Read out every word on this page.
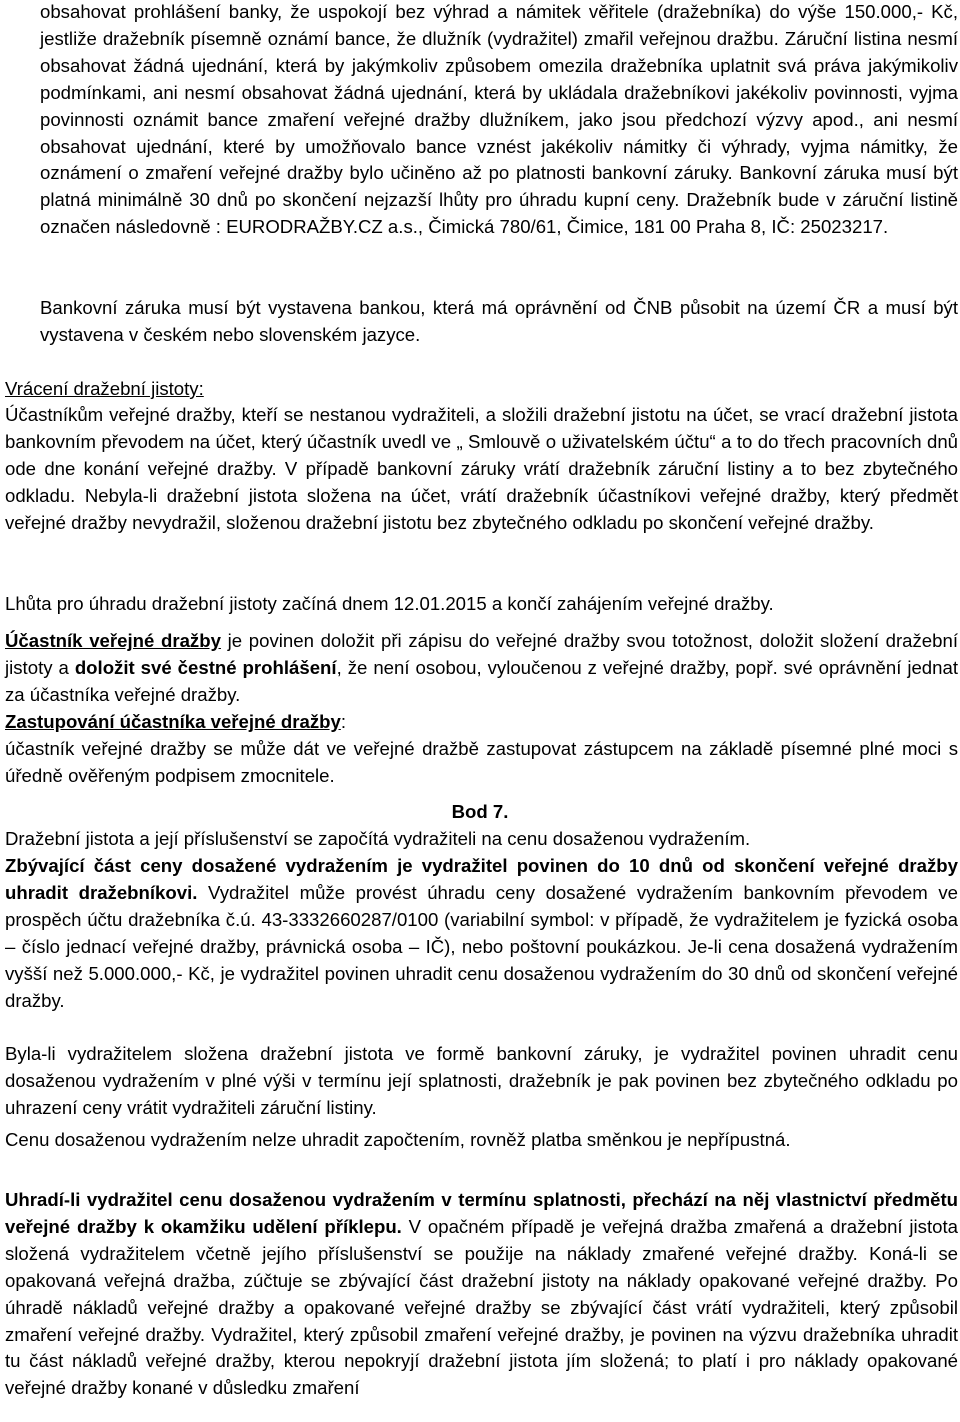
obsahovat prohlášení banky, že uspokojí bez výhrad a námitek věřitele (dražebníka) do výše 150.000,- Kč, jestliže dražebník písemně oznámí bance, že dlužník (vydražitel) zmařil veřejnou dražbu. Záruční listina nesmí obsahovat žádná ujednání, která by jakýmkoliv způsobem omezila dražebníka uplatnit svá práva jakýmikoliv podmínkami, ani nesmí obsahovat žádná ujednání, která by ukládala dražebníkovi jakékoliv povinnosti, vyjma povinnosti oznámit bance zmaření veřejné dražby dlužníkem, jako jsou předchozí výzvy apod., ani nesmí obsahovat ujednání, které by umožňovalo bance vznést jakékoliv námitky či výhrady, vyjma námitky, že oznámení o zmaření veřejné dražby bylo učiněno až po platnosti bankovní záruky. Bankovní záruka musí být platná minimálně 30 dnů po skončení nejzazší lhůty pro úhradu kupní ceny. Dražebník bude v záruční listině označen následovně : EURODRAŽBY.CZ a.s., Čimická 780/61, Čimice, 181 00 Praha 8, IČ: 25023217.

Bankovní záruka musí být vystavena bankou, která má oprávnění od ČNB působit na území ČR a musí být vystavena v českém nebo slovenském jazyce.

Vrácení dražební jistoty:

Účastníkům veřejné dražby, kteří se nestanou vydražiteli, a složili dražební jistotu na účet, se vrací dražební jistota bankovním převodem na účet, který účastník uvedl ve „ Smlouvě o uživatelském účtu“ a to do třech pracovních dnů ode dne konání veřejné dražby. V případě bankovní záruky vrátí dražebník záruční listiny a to bez zbytečného odkladu. Nebyla-li dražební jistota složena na účet, vrátí dražebník účastníkovi veřejné dražby, který předmět veřejné dražby nevydražil, složenou dražební jistotu bez zbytečného odkladu po skončení veřejné dražby.

Lhůta pro úhradu dražební jistoty začíná dnem 12.01.2015 a končí zahájením veřejné dražby.

Účastník veřejné dražby je povinen doložit při zápisu do veřejné dražby svou totožnost, doložit složení dražební jistoty a doložit své čestné prohlášení, že není osobou, vyloučenou z veřejné dražby, popř. své oprávnění jednat za účastníka veřejné dražby.

Zastupování účastníka veřejné dražby:

účastník veřejné dražby se může dát ve veřejné dražbě zastupovat zástupcem na základě písemné plné moci s úředně ověřeným podpisem zmocnitele.

Bod 7.

Dražební jistota a její příslušenství se započítá vydražiteli na cenu dosaženou vydražením.

Zbývající část ceny dosažené vydražením je vydražitel povinen do 10 dnů od skončení veřejné dražby uhradit dražebníkovi. Vydražitel může provést úhradu ceny dosažené vydražením bankovním převodem ve prospěch účtu dražebníka č.ú. 43-3332660287/0100 (variabilní symbol: v případě, že vydražitelem je fyzická osoba – číslo jednací veřejné dražby, právnická osoba – IČ), nebo poštovní poukázkou. Je-li cena dosažená vydražením vyšší než 5.000.000,- Kč, je vydražitel povinen uhradit cenu dosaženou vydražením do 30 dnů od skončení veřejné dražby.

Byla-li vydražitelem složena dražební jistota ve formě bankovní záruky, je vydražitel povinen uhradit cenu dosaženou vydražením v plné výši v termínu její splatnosti, dražebník je pak povinen bez zbytečného odkladu po uhrazení ceny vrátit vydražiteli záruční listiny.

Cenu dosaženou vydražením nelze uhradit započtením, rovněž platba směnkou je nepřípustná.

Uhradí-li vydražitel cenu dosaženou vydražením v termínu splatnosti, přechází na něj vlastnictví předmětu veřejné dražby k okamžiku udělení příklepu. V opačném případě je veřejná dražba zmařená a dražební jistota složená vydražitelem včetně jejího příslušenství se použije na náklady zmařené veřejné dražby. Koná-li se opakovaná veřejná dražba, zúčtuje se zbývající část dražební jistoty na náklady opakované veřejné dražby. Po úhradě nákladů veřejné dražby a opakované veřejné dražby se zbývající část vrátí vydražiteli, který způsobil zmaření veřejné dražby. Vydražitel, který způsobil zmaření veřejné dražby, je povinen na výzvu dražebníka uhradit tu část nákladů veřejné dražby, kterou nepokryjí dražební jistota jím složená; to platí i pro náklady opakované veřejné dražby konané v důsledku zmaření
